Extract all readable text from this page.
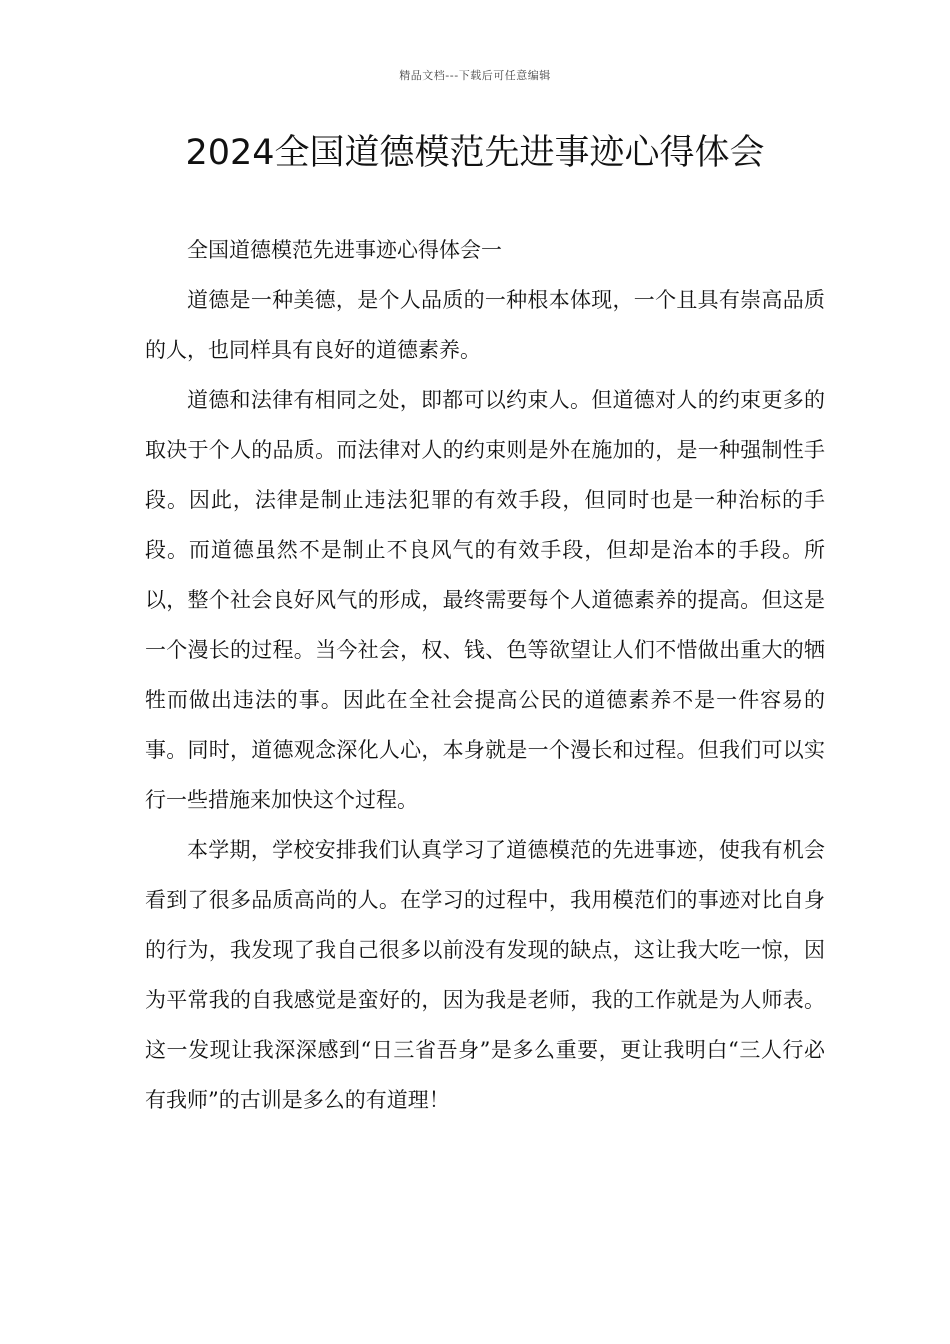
精品文档---下载后可任意编辑
2024全国道德模范先进事迹心得体会

全国道德模范先进事迹心得体会一

道德是一种美德，是个人品质的一种根本体现，一个且具有崇高品质的人，也同样具有良好的道德素养。

道德和法律有相同之处，即都可以约束人。但道德对人的约束更多的取决于个人的品质。而法律对人的约束则是外在施加的，是一种强制性手段。因此，法律是制止违法犯罪的有效手段，但同时也是一种治标的手段。而道德虽然不是制止不良风气的有效手段，但却是治本的手段。所以，整个社会良好风气的形成，最终需要每个人道德素养的提高。但这是一个漫长的过程。当今社会，权、钱、色等欲望让人们不惜做出重大的牺牲而做出违法的事。因此在全社会提高公民的道德素养不是一件容易的事。同时，道德观念深化人心，本身就是一个漫长和过程。但我们可以实行一些措施来加快这个过程。

本学期，学校安排我们认真学习了道德模范的先进事迹，使我有机会看到了很多品质高尚的人。在学习的过程中，我用模范们的事迹对比自身的行为，我发现了我自己很多以前没有发现的缺点，这让我大吃一惊，因为平常我的自我感觉是蛮好的，因为我是老师，我的工作就是为人师表。这一发现让我深深感到“日三省吾身”是多么重要，更让我明白“三人行必有我师”的古训是多么的有道理！
